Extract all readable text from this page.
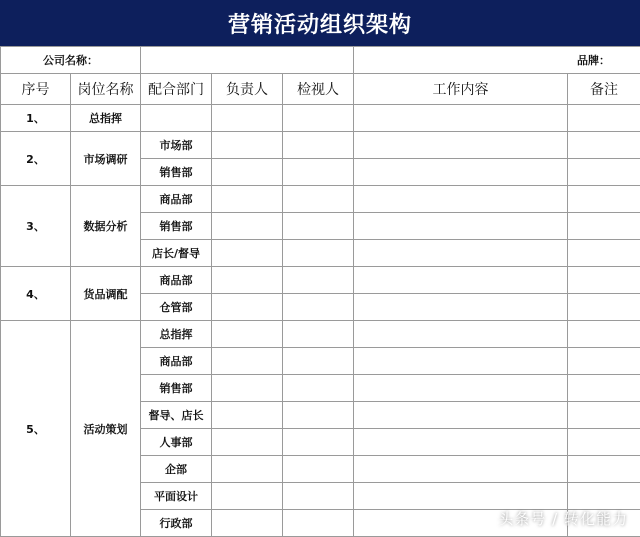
营销活动组织架构
公司名称：					品牌：		
序号	岗位名称	配合部门	负责人	检视人	工作内容	备注	
1、	总指挥						
2、	市场调研	市场部					
		销售部					
3、	数据分析	商品部					
		销售部					
		店长/督导					
4、	货品调配	商品部					
		仓管部					
5、	活动策划	总指挥					
		商品部					
		销售部					
		督导、店长					
		人事部					
		企部					
		平面设计					
		行政部						头条号 / 转化能力
